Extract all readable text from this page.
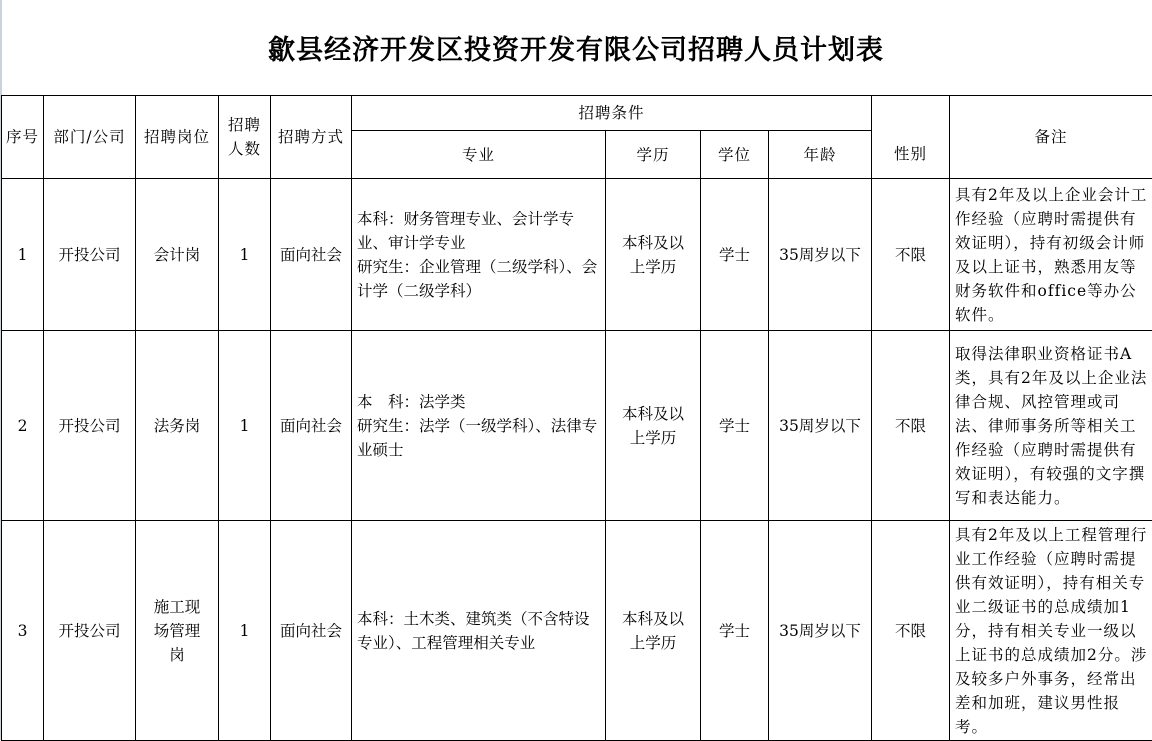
歙县经济开发区投资开发有限公司招聘人员计划表
序号	部门/公司	招聘岗位	招聘人数	招聘方式	招聘条件					备注
					专业	学历	学位	年龄	性别	
1	开投公司	会计岗	1	面向社会	本科：财务管理专业、会计学专业、审计学专业
研究生：企业管理（二级学科）、会计学（二级学科）	本科及以上学历	学士	35周岁以下	不限	具有2年及以上企业会计工作经验（应聘时需提供有效证明），持有初级会计师及以上证书，熟悉用友等财务软件和office等办公软件。
2	开投公司	法务岗	1	面向社会	本　科：法学类
研究生：法学（一级学科）、法律专业硕士	本科及以上学历	学士	35周岁以下	不限	取得法律职业资格证书A类，具有2年及以上企业法律合规、风控管理或司法、律师事务所等相关工作经验（应聘时需提供有效证明），有较强的文字撰写和表达能力。
3	开投公司	施工现场管理岗	1	面向社会	本科：土木类、建筑类（不含特设专业）、工程管理相关专业	本科及以上学历	学士	35周岁以下	不限	具有2年及以上工程管理行业工作经验（应聘时需提供有效证明），持有相关专业二级证书的总成绩加1分，持有相关专业一级以上证书的总成绩加2分。涉及较多户外事务，经常出差和加班，建议男性报考。
